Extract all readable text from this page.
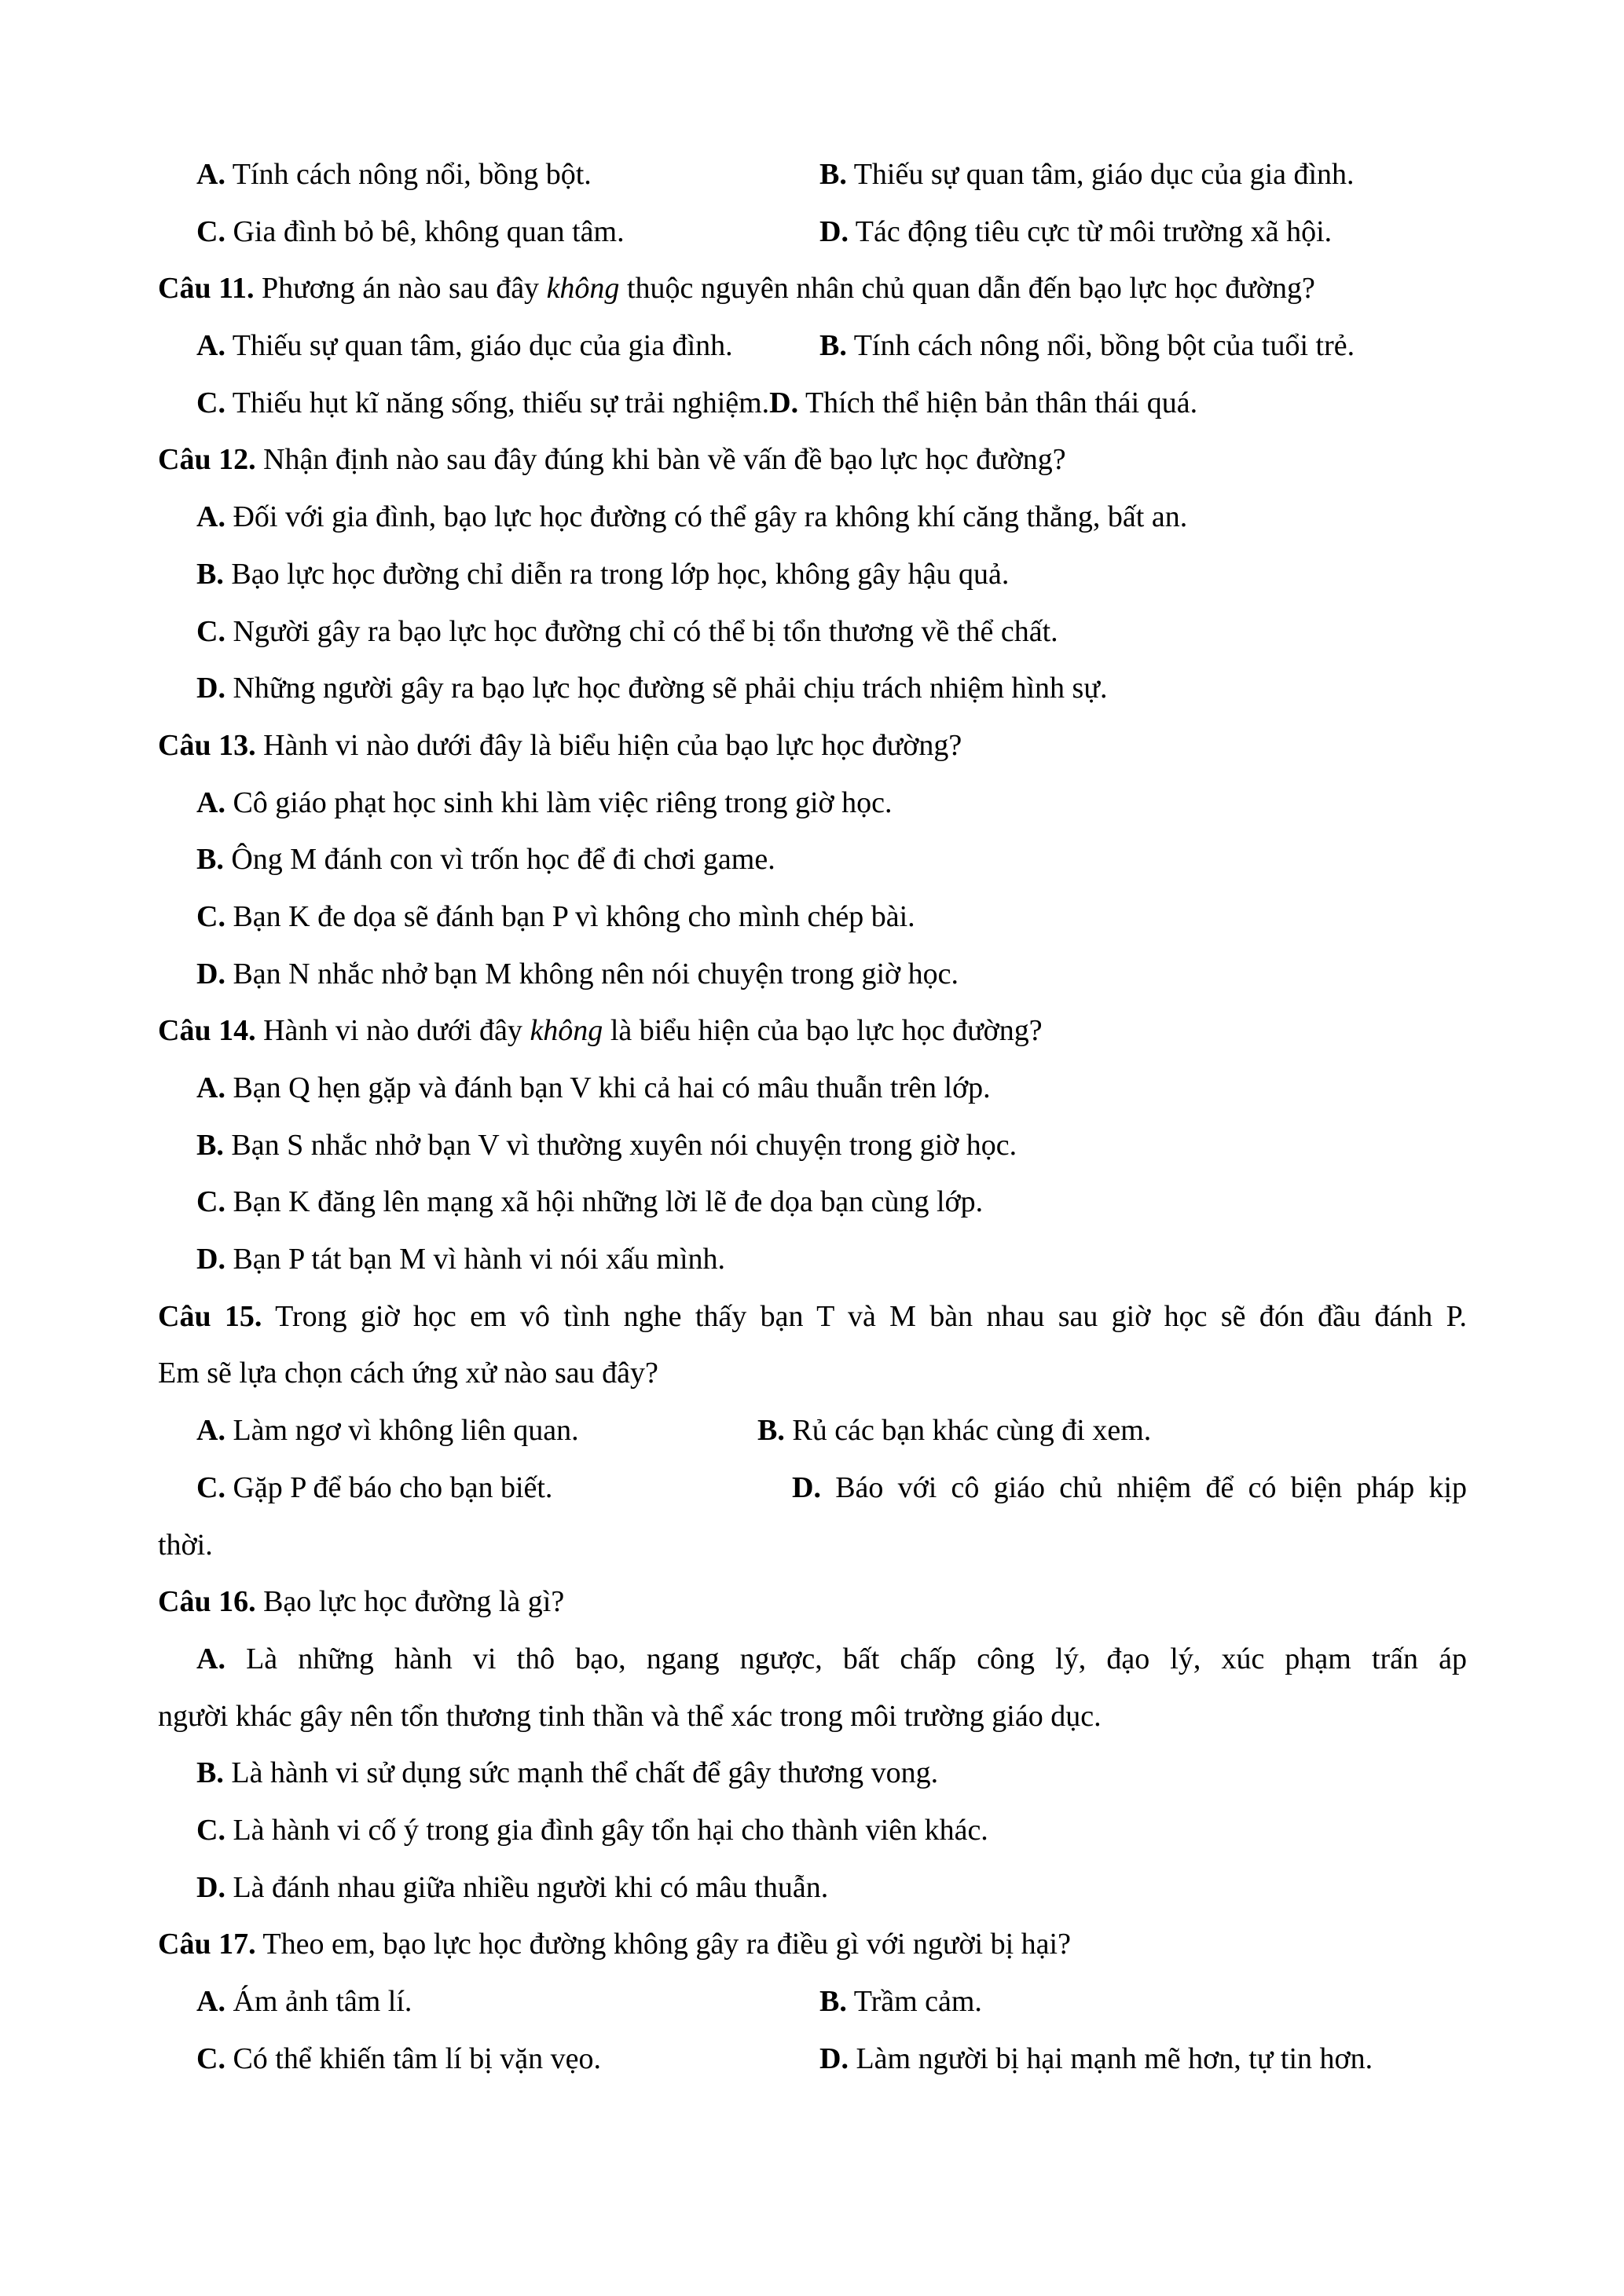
A. Tính cách nông nổi, bồng bột.	B. Thiếu sự quan tâm, giáo dục của gia đình.
C. Gia đình bỏ bê, không quan tâm.	D. Tác động tiêu cực từ môi trường xã hội.
Câu 11. Phương án nào sau đây không thuộc nguyên nhân chủ quan dẫn đến bạo lực học đường?
A. Thiếu sự quan tâm, giáo dục của gia đình.	B. Tính cách nông nổi, bồng bột của tuổi trẻ.
C. Thiếu hụt kĩ năng sống, thiếu sự trải nghiệm.D. Thích thể hiện bản thân thái quá.
Câu 12. Nhận định nào sau đây đúng khi bàn về vấn đề bạo lực học đường?
A. Đối với gia đình, bạo lực học đường có thể gây ra không khí căng thẳng, bất an.
B. Bạo lực học đường chỉ diễn ra trong lớp học, không gây hậu quả.
C. Người gây ra bạo lực học đường chỉ có thể bị tổn thương về thể chất.
D. Những người gây ra bạo lực học đường sẽ phải chịu trách nhiệm hình sự.
Câu 13. Hành vi nào dưới đây là biểu hiện của bạo lực học đường?
A. Cô giáo phạt học sinh khi làm việc riêng trong giờ học.
B. Ông M đánh con vì trốn học để đi chơi game.
C. Bạn K đe dọa sẽ đánh bạn P vì không cho mình chép bài.
D. Bạn N nhắc nhở bạn M không nên nói chuyện trong giờ học.
Câu 14. Hành vi nào dưới đây không là biểu hiện của bạo lực học đường?
A. Bạn Q hẹn gặp và đánh bạn V khi cả hai có mâu thuẫn trên lớp.
B. Bạn S nhắc nhở bạn V vì thường xuyên nói chuyện trong giờ học.
C. Bạn K đăng lên mạng xã hội những lời lẽ đe dọa bạn cùng lớp.
D. Bạn P tát bạn M vì hành vi nói xấu mình.
Câu 15. Trong giờ học em vô tình nghe thấy bạn T và M bàn nhau sau giờ học sẽ đón đầu đánh P.
Em sẽ lựa chọn cách ứng xử nào sau đây?
A. Làm ngơ vì không liên quan.	B. Rủ các bạn khác cùng đi xem.
C. Gặp P để báo cho bạn biết.	D. Báo với cô giáo chủ nhiệm để có biện pháp kịp
thời.
Câu 16. Bạo lực học đường là gì?
A. Là những hành vi thô bạo, ngang ngược, bất chấp công lý, đạo lý, xúc phạm trấn áp
người khác gây nên tổn thương tinh thần và thể xác trong môi trường giáo dục.
B. Là hành vi sử dụng sức mạnh thể chất để gây thương vong.
C. Là hành vi cố ý trong gia đình gây tổn hại cho thành viên khác.
D. Là đánh nhau giữa nhiều người khi có mâu thuẫn.
Câu 17. Theo em, bạo lực học đường không gây ra điều gì với người bị hại?
A. Ám ảnh tâm lí.	B. Trầm cảm.
C. Có thể khiến tâm lí bị vặn vẹo.	D. Làm người bị hại mạnh mẽ hơn, tự tin hơn.
